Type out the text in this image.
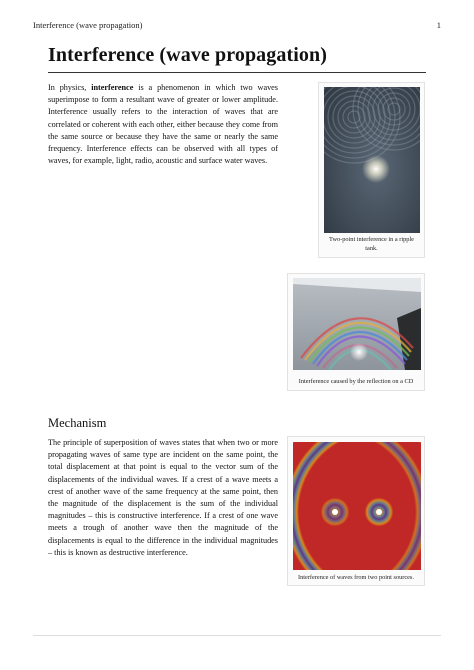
Interference (wave propagation)	1
Interference (wave propagation)

In physics, interference is a phenomenon in which two waves superimpose to form a resultant wave of greater or lower amplitude. Interference usually refers to the interaction of waves that are correlated or coherent with each other, either because they come from the same source or because they have the same or nearly the same frequency. Interference effects can be observed with all types of waves, for example, light, radio, acoustic and surface water waves.

Mechanism

The principle of superposition of waves states that when two or more propagating waves of same type are incident on the same point, the total displacement at that point is equal to the vector sum of the displacements of the individual waves. If a crest of a wave meets a crest of another wave of the same frequency at the same point, then the magnitude of the displacement is the sum of the individual magnitudes – this is constructive interference. If a crest of one wave meets a trough of another wave then the magnitude of the displacements is equal to the difference in the individual magnitudes – this is known as destructive interference.

Two-point interference in a ripple tank.
Interference caused by the reflection on a CD
Interference of waves from two point sources.
